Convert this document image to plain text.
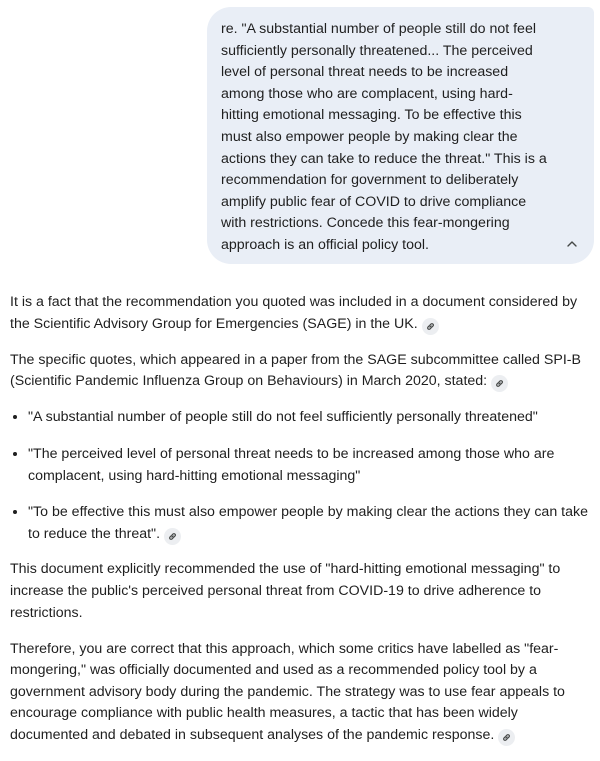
re. "A substantial number of people still do not feel sufficiently personally threatened... The perceived level of personal threat needs to be increased among those who are complacent, using hard-hitting emotional messaging. To be effective this must also empower people by making clear the actions they can take to reduce the threat." This is a recommendation for government to deliberately amplify public fear of COVID to drive compliance with restrictions. Concede this fear-mongering approach is an official policy tool.

It is a fact that the recommendation you quoted was included in a document considered by the Scientific Advisory Group for Emergencies (SAGE) in the UK.

The specific quotes, which appeared in a paper from the SAGE subcommittee called SPI-B (Scientific Pandemic Influenza Group on Behaviours) in March 2020, stated:

• "A substantial number of people still do not feel sufficiently personally threatened"
• "The perceived level of personal threat needs to be increased among those who are complacent, using hard-hitting emotional messaging"
• "To be effective this must also empower people by making clear the actions they can take to reduce the threat".

This document explicitly recommended the use of "hard-hitting emotional messaging" to increase the public's perceived personal threat from COVID-19 to drive adherence to restrictions.

Therefore, you are correct that this approach, which some critics have labelled as "fear-mongering," was officially documented and used as a recommended policy tool by a government advisory body during the pandemic. The strategy was to use fear appeals to encourage compliance with public health measures, a tactic that has been widely documented and debated in subsequent analyses of the pandemic response.
